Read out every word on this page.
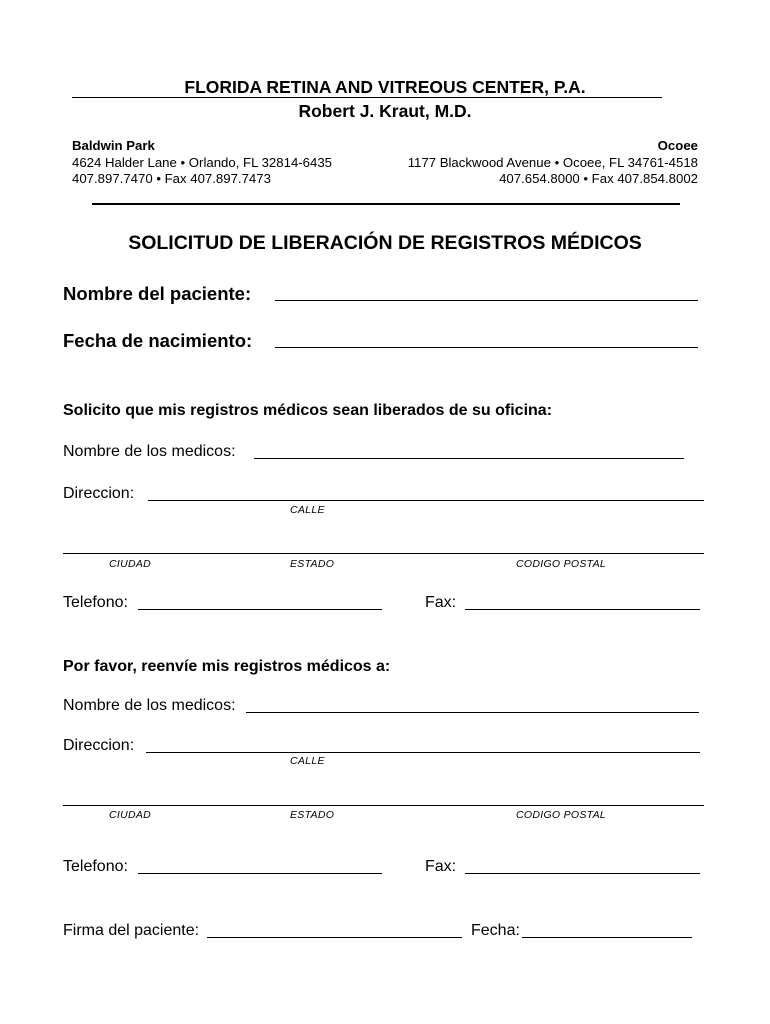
FLORIDA RETINA AND VITREOUS CENTER, P.A.
Robert J. Kraut, M.D.
Baldwin Park
4624 Halder Lane • Orlando, FL 32814-6435
407.897.7470 • Fax 407.897.7473
Ocoee
1177 Blackwood Avenue • Ocoee, FL 34761-4518
407.654.8000 • Fax 407.854.8002
SOLICITUD DE LIBERACIÓN DE REGISTROS MÉDICOS
Nombre del paciente:
Fecha de nacimiento:
Solicito que mis registros médicos sean liberados de su oficina:
Nombre de los medicos:
Direccion:
CALLE
CIUDAD	ESTADO	CODIGO POSTAL
Telefono:	Fax:
Por favor, reenvíe mis registros médicos a:
Nombre de los medicos:
Direccion:
CALLE
CIUDAD	ESTADO	CODIGO POSTAL
Telefono:	Fax:
Firma del paciente:	Fecha:
